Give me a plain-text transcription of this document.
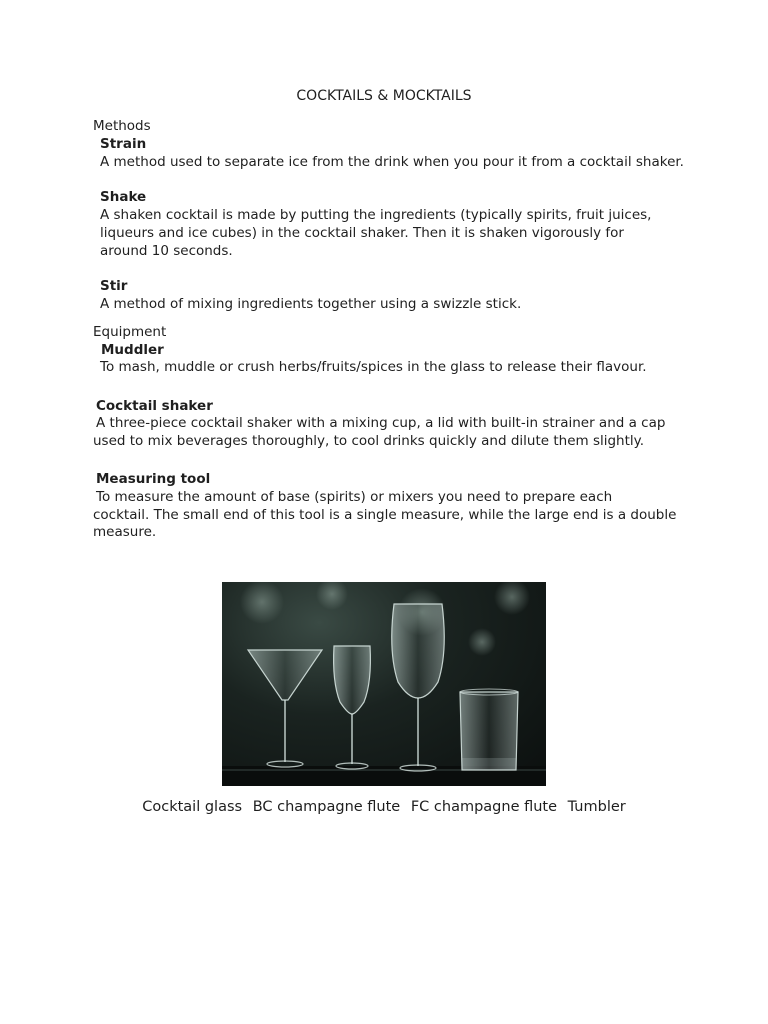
COCKTAILS & MOCKTAILS

Methods

Strain

A method used to separate ice from the drink when you pour it from a cocktail shaker.

Shake

A shaken cocktail is made by putting the ingredients (typically spirits, fruit juices,

liqueurs and ice cubes) in the cocktail shaker. Then it is shaken vigorously for

around 10 seconds.

Stir

A method of mixing ingredients together using a swizzle stick.

Equipment

Muddler

To mash, muddle or crush herbs/fruits/spices in the glass to release their flavour.

Cocktail shaker

A three-piece cocktail shaker with a mixing cup, a lid with built-in strainer and a cap

used to mix beverages thoroughly, to cool drinks quickly and dilute them slightly.

Measuring tool

To measure the amount of base (spirits) or mixers you need to prepare each

cocktail. The small end of this tool is a single measure, while the large end is a double

measure.

Cocktail glass BC champagne flute FC champagne flute Tumbler
